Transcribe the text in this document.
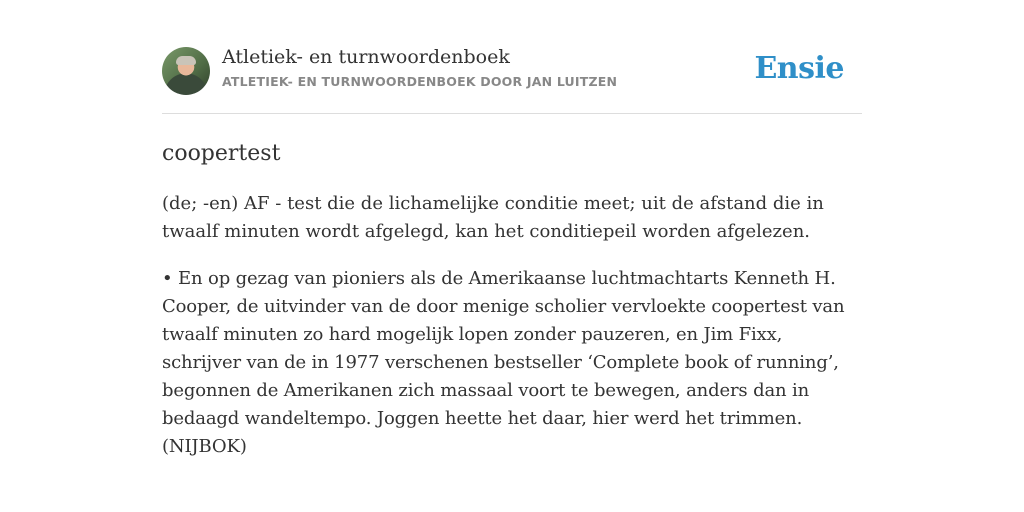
Atletiek- en turnwoordenboek
ATLETIEK- EN TURNWOORDENBOEK DOOR JAN LUITZEN	Ensie
coopertest
(de; -en) AF - test die de lichamelijke conditie meet; uit de afstand die in twaalf minuten wordt afgelegd, kan het conditiepeil worden afgelezen.
• En op gezag van pioniers als de Amerikaanse luchtmachtarts Kenneth H. Cooper, de uitvinder van de door menige scholier vervloekte coopertest van twaalf minuten zo hard mogelijk lopen zonder pauzeren, en Jim Fixx, schrijver van de in 1977 verschenen bestseller ‘Complete book of running’, begonnen de Amerikanen zich massaal voort te bewegen, anders dan in bedaagd wandeltempo. Joggen heette het daar, hier werd het trimmen. (NIJBOK)
